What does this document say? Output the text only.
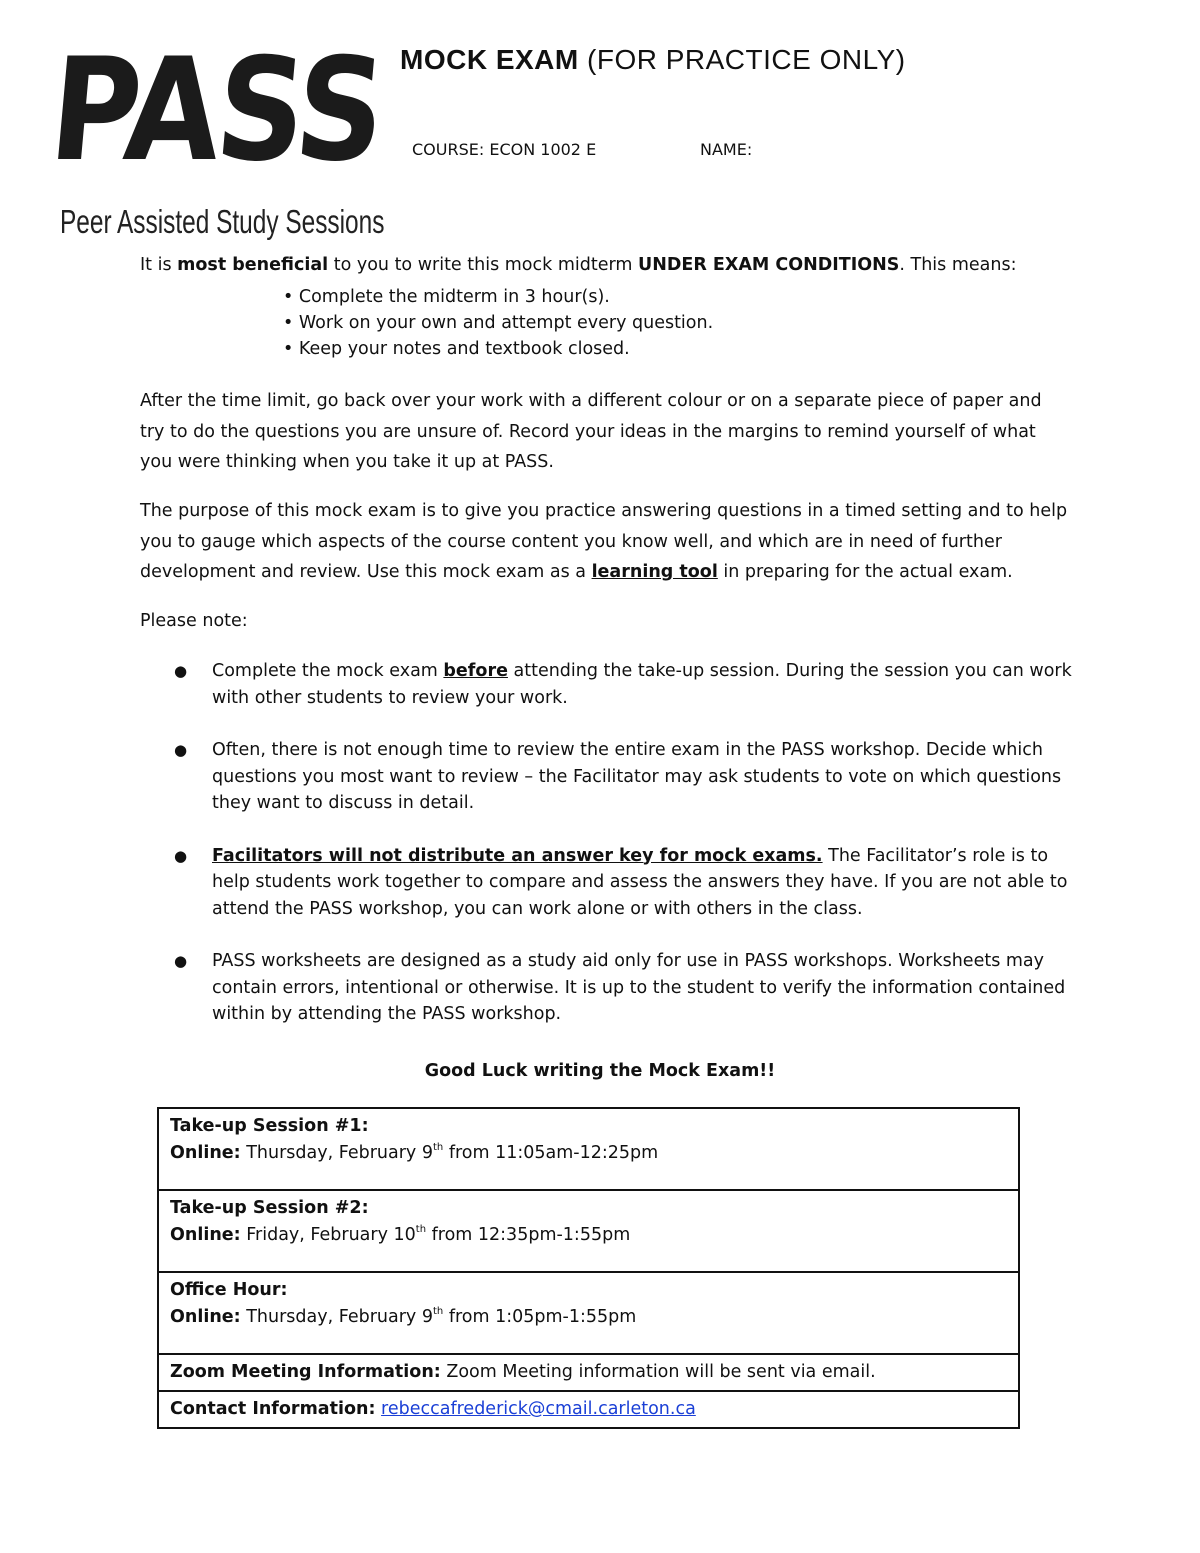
PASS
Peer Assisted Study Sessions
MOCK EXAM (FOR PRACTICE ONLY)
COURSE: ECON 1002 E	NAME:
It is most beneficial to you to write this mock midterm UNDER EXAM CONDITIONS. This means:
• Complete the midterm in 3 hour(s).
• Work on your own and attempt every question.
• Keep your notes and textbook closed.

After the time limit, go back over your work with a different colour or on a separate piece of paper and try to do the questions you are unsure of. Record your ideas in the margins to remind yourself of what you were thinking when you take it up at PASS.

The purpose of this mock exam is to give you practice answering questions in a timed setting and to help you to gauge which aspects of the course content you know well, and which are in need of further development and review. Use this mock exam as a learning tool in preparing for the actual exam.

Please note:
● Complete the mock exam before attending the take-up session. During the session you can work with other students to review your work.
● Often, there is not enough time to review the entire exam in the PASS workshop. Decide which questions you most want to review – the Facilitator may ask students to vote on which questions they want to discuss in detail.
● Facilitators will not distribute an answer key for mock exams. The Facilitator’s role is to help students work together to compare and assess the answers they have. If you are not able to attend the PASS workshop, you can work alone or with others in the class.
● PASS worksheets are designed as a study aid only for use in PASS workshops. Worksheets may contain errors, intentional or otherwise. It is up to the student to verify the information contained within by attending the PASS workshop.
Good Luck writing the Mock Exam!!
Take-up Session #1:
Online: Thursday, February 9th from 11:05am-12:25pm
Take-up Session #2:
Online: Friday, February 10th from 12:35pm-1:55pm
Office Hour:
Online: Thursday, February 9th from 1:05pm-1:55pm
Zoom Meeting Information: Zoom Meeting information will be sent via email.
Contact Information: rebeccafrederick@cmail.carleton.ca
